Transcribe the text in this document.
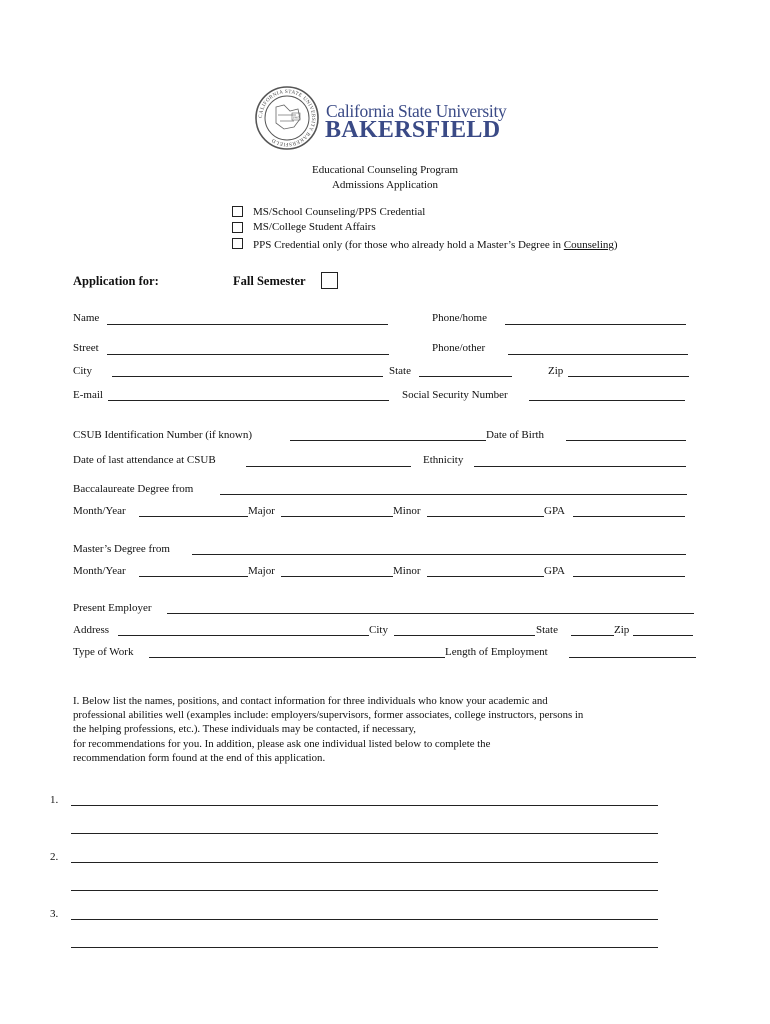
1965
CALIFORNIA STATE UNIVERSITY BAKERSFIELD
California State University
BAKERSFIELD
Educational Counseling Program
Admissions Application
MS/School Counseling/PPS Credential
MS/College Student Affairs
PPS Credential only (for those who already hold a Master’s Degree in Counseling)
Application for:	Fall Semester
Name	Phone/home
Street	Phone/other
City	State	Zip
E-mail	Social Security Number
CSUB Identification Number (if known)	Date of Birth
Date of last attendance at CSUB	Ethnicity
Baccalaureate Degree from
Month/Year	Major	Minor	GPA
Master’s Degree from
Month/Year	Major	Minor	GPA
Present Employer
Address	City	State	Zip
Type of Work	Length of Employment
I. Below list the names, positions, and contact information for three individuals who know your academic and
professional abilities well (examples include: employers/supervisors, former associates, college instructors, persons in
the helping professions, etc.). These individuals may be contacted, if necessary,
for recommendations for you. In addition, please ask one individual listed below to complete the
recommendation form found at the end of this application.
1.
2.
3.
